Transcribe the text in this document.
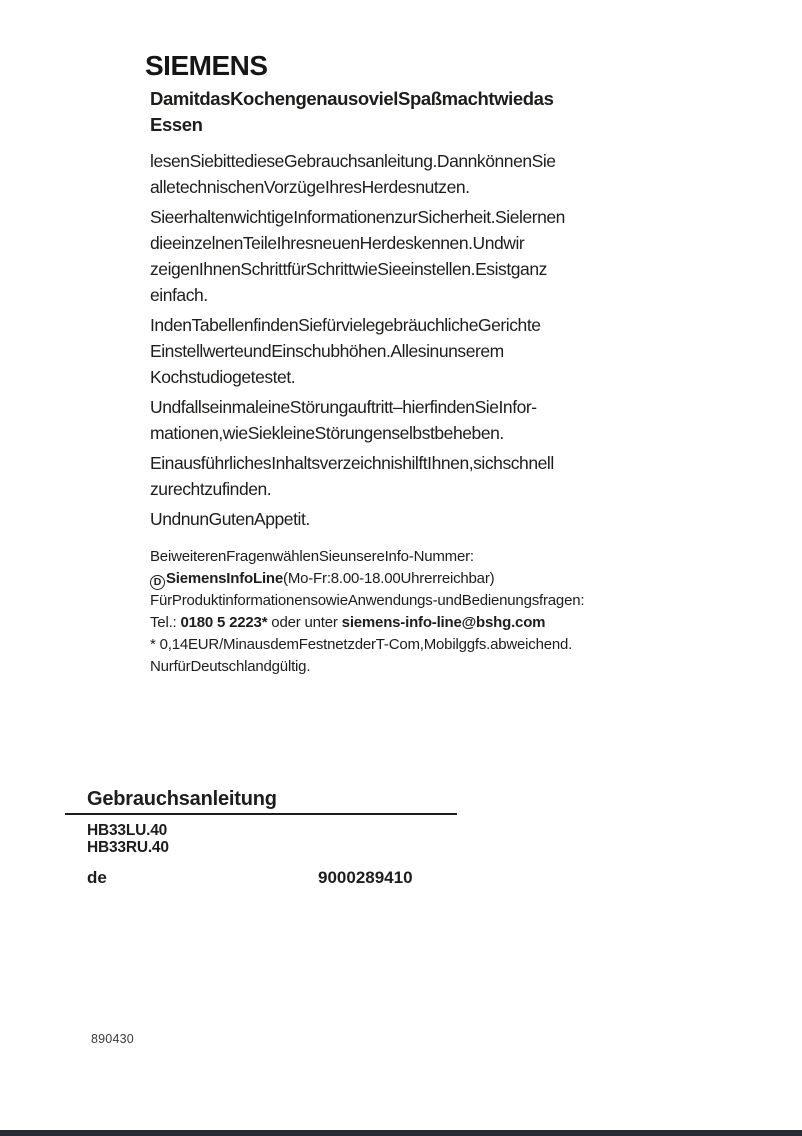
SIEMENS
DamitdasKochengenausovielSpaßmachtwiedas
Essen
lesenSiebittedieseGebrauchsanleitung.DannkönnenSie
alletechnischenVorzügeIhresHerdesnutzen.
SieerhaltenwichtigeInformationenzurSicherheit.Sielernen
dieeinzelnenTeileIhresneuenHerdeskennen.Undwir
zeigenIhnenSchrittfürSchrittwieSieeinstellen.Esistganz
einfach.
IndenTabellenfindenSiefürvielegebräuchlicheGerichte
EinstellwerteundEinschubhöhen.Allesinunserem
Kochstudiogetestet.
UndfallseinmaleineStörungauftritt–hierfindenSieInfor-
mationen,wieSiekleineStörungenselbstbeheben.
EinausführlichesInhaltsverzeichnishilftIhnen,sichschnell
zurechtzufinden.
UndnunGutenAppetit.
BeiweiterenFragenwählenSieunsereInfo-Nummer:
D SiemensInfoLine(Mo-Fr:8.00-18.00Uhrerreichbar)
FürProduktinformationensowieAnwendungs-undBedienungsfragen:
Tel.: 0180 5 2223* oder unter siemens-info-line@bshg.com
* 0,14EUR/MinausdemFestnetzderT-Com,Mobilggfs.abweichend.
NurfürDeutschlandgültig.
Gebrauchsanleitung
HB33LU.40
HB33RU.40
de	9000289410
890430
